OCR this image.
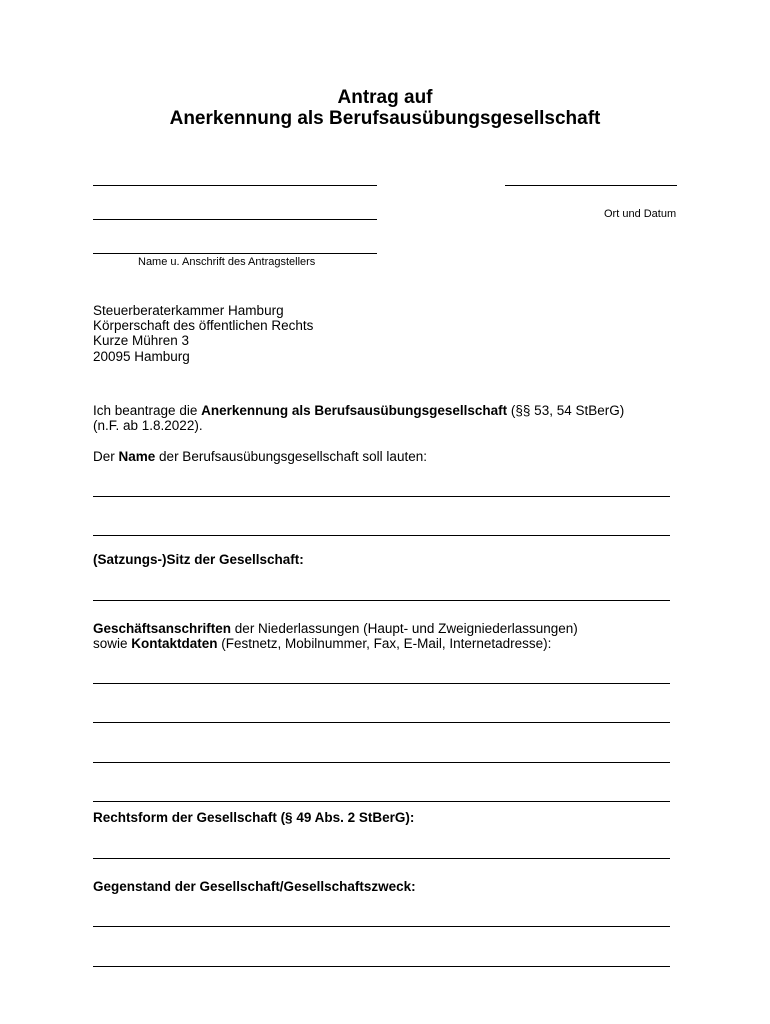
Antrag auf
Anerkennung als Berufsausübungsgesellschaft
Name u. Anschrift des Antragstellers
Ort und Datum
Steuerberaterkammer Hamburg
Körperschaft des öffentlichen Rechts
Kurze Mühren 3
20095 Hamburg
Ich beantrage die Anerkennung als Berufsausübungsgesellschaft (§§ 53, 54 StBerG)
(n.F. ab 1.8.2022).
Der Name der Berufsausübungsgesellschaft soll lauten:
(Satzungs-)Sitz der Gesellschaft:
Geschäftsanschriften der Niederlassungen (Haupt- und Zweigniederlassungen)
sowie Kontaktdaten (Festnetz, Mobilnummer, Fax, E-Mail, Internetadresse):
Rechtsform der Gesellschaft (§ 49 Abs. 2 StBerG):
Gegenstand der Gesellschaft/Gesellschaftszweck:
